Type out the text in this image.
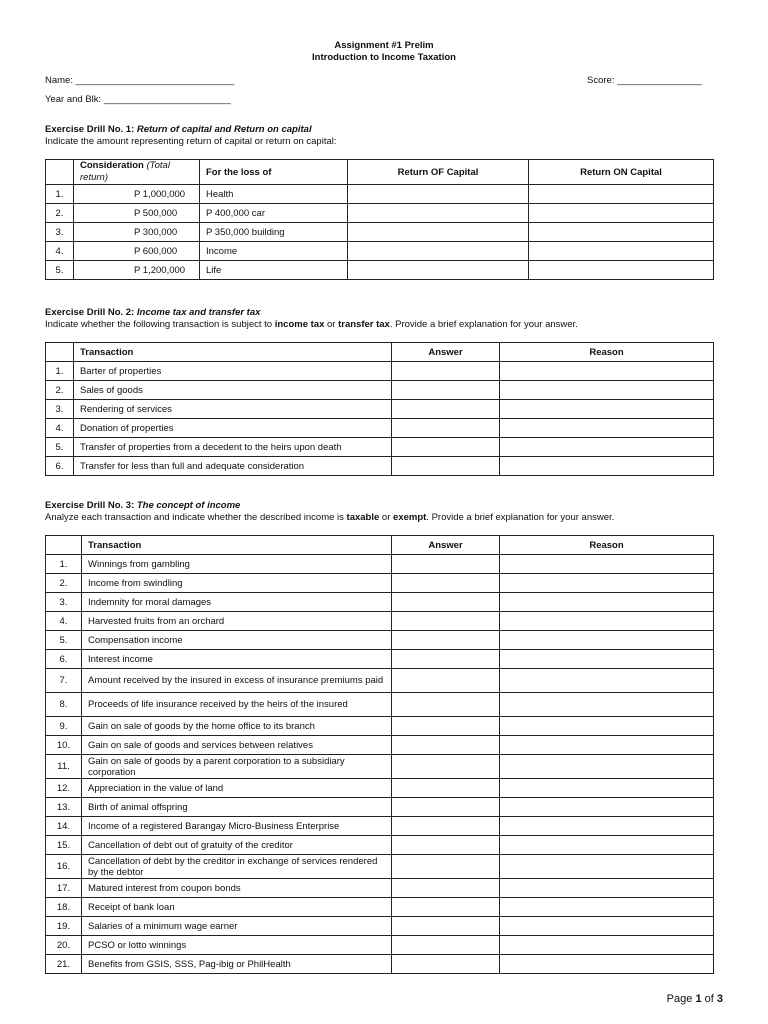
Assignment #1 Prelim
Introduction to Income Taxation
Name: ______________________________	Score: ________________
Year and Blk: ________________________
Exercise Drill No. 1: Return of capital and Return on capital
Indicate the amount representing return of capital or return on capital:
	Consideration (Total return)	For the loss of	Return OF Capital	Return ON Capital
1.	P 1,000,000	Health		
2.	P 500,000	P 400,000 car		
3.	P 300,000	P 350,000 building		
4.	P 600,000	Income		
5.	P 1,200,000	Life		
Exercise Drill No. 2: Income tax and transfer tax
Indicate whether the following transaction is subject to income tax or transfer tax. Provide a brief explanation for your answer.
	Transaction	Answer	Reason
1.	Barter of properties		
2.	Sales of goods		
3.	Rendering of services		
4.	Donation of properties		
5.	Transfer of properties from a decedent to the heirs upon death		
6.	Transfer for less than full and adequate consideration		
Exercise Drill No. 3: The concept of income
Analyze each transaction and indicate whether the described income is taxable or exempt. Provide a brief explanation for your answer.
	Transaction	Answer	Reason
1.	Winnings from gambling		
2.	Income from swindling		
3.	Indemnity for moral damages		
4.	Harvested fruits from an orchard		
5.	Compensation income		
6.	Interest income		
7.	Amount received by the insured in excess of insurance premiums paid		
8.	Proceeds of life insurance received by the heirs of the insured		
9.	Gain on sale of goods by the home office to its branch		
10.	Gain on sale of goods and services between relatives		
11.	Gain on sale of goods by a parent corporation to a subsidiary corporation		
12.	Appreciation in the value of land		
13.	Birth of animal offspring		
14.	Income of a registered Barangay Micro-Business Enterprise		
15.	Cancellation of debt out of gratuity of the creditor		
16.	Cancellation of debt by the creditor in exchange of services rendered by the debtor		
17.	Matured interest from coupon bonds		
18.	Receipt of bank loan		
19.	Salaries of a minimum wage earner		
20.	PCSO or lotto winnings		
21.	Benefits from GSIS, SSS, Pag-ibig or PhilHealth		
Page 1 of 3
